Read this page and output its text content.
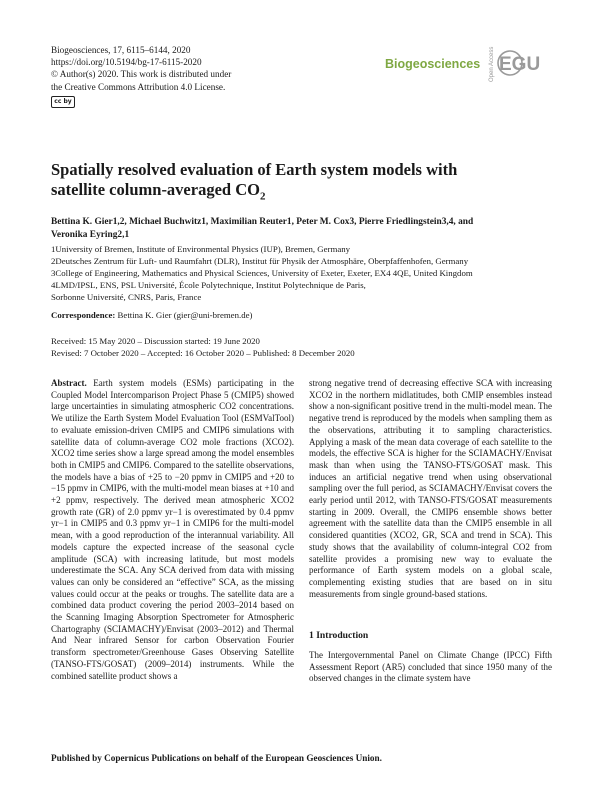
Biogeosciences, 17, 6115–6144, 2020
https://doi.org/10.5194/bg-17-6115-2020
© Author(s) 2020. This work is distributed under
the Creative Commons Attribution 4.0 License.
cc by
Biogeosciences Open Access EGU
Spatially resolved evaluation of Earth system models with
satellite column-averaged $CO_2$
Bettina K. Gier1,2, Michael Buchwitz1, Maximilian Reuter1, Peter M. Cox3, Pierre Friedlingstein3,4, and
Veronika Eyring2,1
1University of Bremen, Institute of Environmental Physics (IUP), Bremen, Germany
2Deutsches Zentrum für Luft- und Raumfahrt (DLR), Institut für Physik der Atmosphäre, Oberpfaffenhofen, Germany
3College of Engineering, Mathematics and Physical Sciences, University of Exeter, Exeter, EX4 4QE, United Kingdom
4LMD/IPSL, ENS, PSL Université, École Polytechnique, Institut Polytechnique de Paris,
Sorbonne Université, CNRS, Paris, France
Correspondence: Bettina K. Gier (gier@uni-bremen.de)
Received: 15 May 2020 – Discussion started: 19 June 2020
Revised: 7 October 2020 – Accepted: 16 October 2020 – Published: 8 December 2020
Abstract. Earth system models (ESMs) participating in the Coupled Model Intercomparison Project Phase 5 (CMIP5) showed large uncertainties in simulating atmospheric CO2 concentrations. We utilize the Earth System Model Evaluation Tool (ESMValTool) to evaluate emission-driven CMIP5 and CMIP6 simulations with satellite data of column-average CO2 mole fractions (XCO2). XCO2 time series show a large spread among the model ensembles both in CMIP5 and CMIP6. Compared to the satellite observations, the models have a bias of +25 to −20 ppmv in CMIP5 and +20 to −15 ppmv in CMIP6, with the multi-model mean biases at +10 and +2 ppmv, respectively. The derived mean atmospheric XCO2 growth rate (GR) of 2.0 ppmv yr−1 is overestimated by 0.4 ppmv yr−1 in CMIP5 and 0.3 ppmv yr−1 in CMIP6 for the multi-model mean, with a good reproduction of the interannual variability. All models capture the expected increase of the seasonal cycle amplitude (SCA) with increasing latitude, but most models underestimate the SCA. Any SCA derived from data with missing values can only be considered an “effective” SCA, as the missing values could occur at the peaks or troughs. The satellite data are a combined data product covering the period 2003–2014 based on the Scanning Imaging Absorption Spectrometer for Atmospheric Chartography (SCIAMACHY)/Envisat (2003–2012) and Thermal And Near infrared Sensor for carbon Observation Fourier transform spectrometer/Greenhouse Gases Observing Satellite (TANSO-FTS/GOSAT) (2009–2014) instruments. While the combined satellite product shows a
strong negative trend of decreasing effective SCA with increasing XCO2 in the northern midlatitudes, both CMIP ensembles instead show a non-significant positive trend in the multi-model mean. The negative trend is reproduced by the models when sampling them as the observations, attributing it to sampling characteristics. Applying a mask of the mean data coverage of each satellite to the models, the effective SCA is higher for the SCIAMACHY/Envisat mask than when using the TANSO-FTS/GOSAT mask. This induces an artificial negative trend when using observational sampling over the full period, as SCIAMACHY/Envisat covers the early period until 2012, with TANSO-FTS/GOSAT measurements starting in 2009. Overall, the CMIP6 ensemble shows better agreement with the satellite data than the CMIP5 ensemble in all considered quantities (XCO2, GR, SCA and trend in SCA). This study shows that the availability of column-integral CO2 from satellite provides a promising new way to evaluate the performance of Earth system models on a global scale, complementing existing studies that are based on in situ measurements from single ground-based stations.
1 Introduction
The Intergovernmental Panel on Climate Change (IPCC) Fifth Assessment Report (AR5) concluded that since 1950 many of the observed changes in the climate system have
Published by Copernicus Publications on behalf of the European Geosciences Union.
